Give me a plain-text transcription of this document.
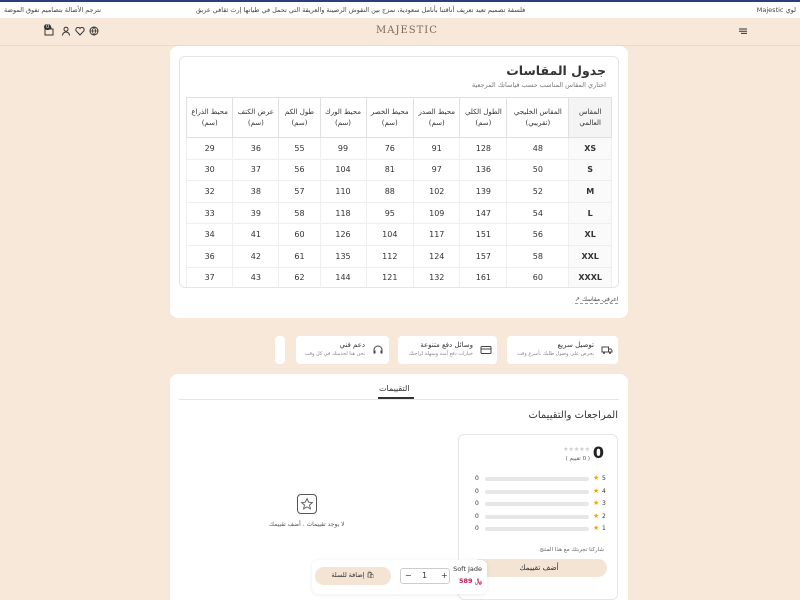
Majestic لوي
فلسفة تصميم تعيد تعريف أناقتنا بأنامل سعودية، نمزج بين النقوش الرصينة والعريقة التي تحمل في طياتها إرث ثقافي عريق
نترجم الأصالة بتصاميم تفوق الموضة
0	MAJESTIC
جدول المقاسات
اختاري المقاس المناسب حسب قياساتك المرجعية
المقاس العالمي	المقاس الخليجي (تقريبي)	الطول الكلي (سم)	محيط الصدر (سم)	محيط الخصر (سم)	محيط الورك (سم)	طول الكم (سم)	عرض الكتف (سم)	محيط الذراع (سم)
XS	48	128	91	76	99	55	36	29
S	50	136	97	81	104	56	37	30
M	52	139	102	88	110	57	38	32
L	54	147	109	95	118	58	39	33
XL	56	151	117	104	126	60	41	34
XXL	58	157	124	112	135	61	42	36
XXXL	60	161	132	121	144	62	43	37
اعرفي مقاسك ↗
دعم فني
نحن هنا لخدمتك في كل وقت
وسائل دفع متنوعة
خيارات دفع آمنة وسهلة لراحتك
توصيل سريع
نحرص على وصول طلبك بأسرع وقت
التقييمات
المراجعات والتقييمات
لا يوجد تقييمات . أضف تقييمك
0
★★★★★
( 0 تقييم )
0	★ 5
0	★ 4
0	★ 3
0	★ 2
0	★ 1
شاركنا تجربتك مع هذا المنتج
أضف تقييمك
Soft Jade
589 ﷼
− 1 +
إضافة للسلة 🛍
